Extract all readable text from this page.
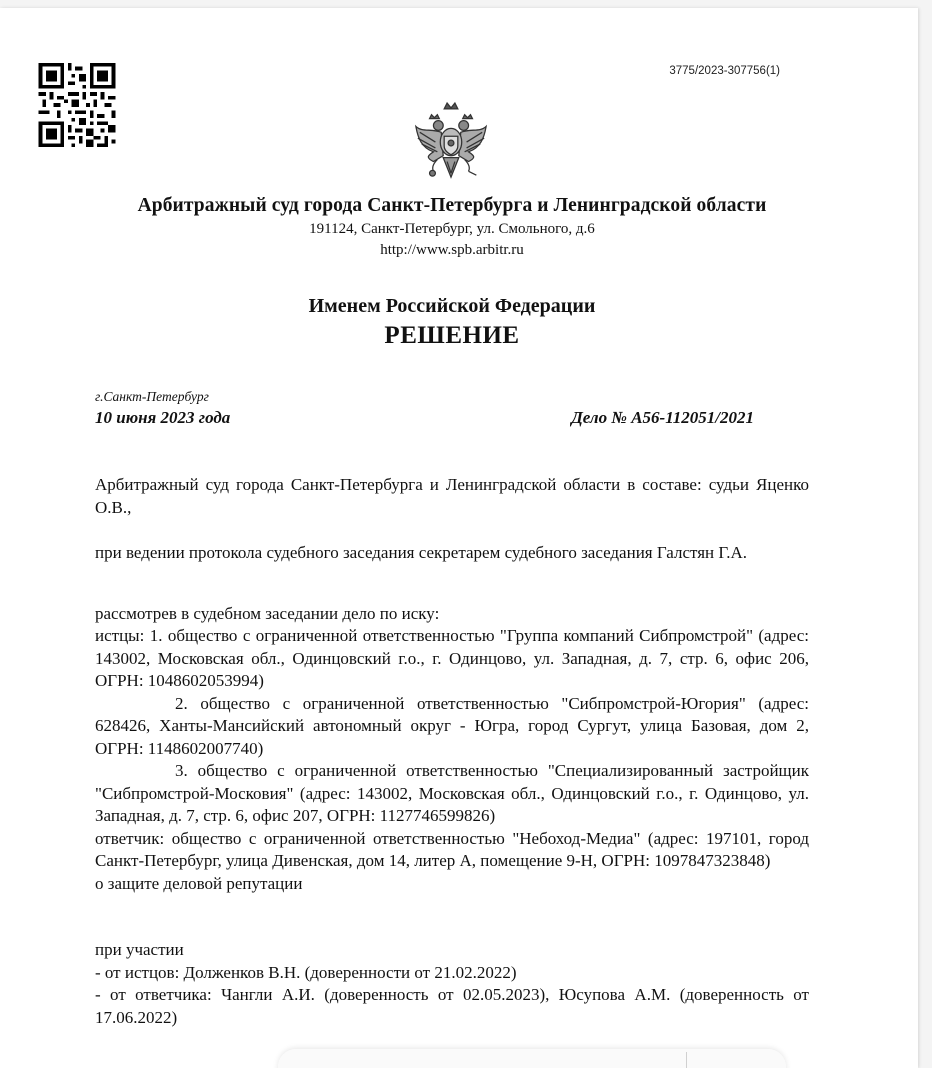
3775/2023-307756(1)
Арбитражный суд города Санкт-Петербурга и Ленинградской области
191124, Санкт-Петербург, ул. Смольного, д.6
http://www.spb.arbitr.ru
Именем Российской Федерации
РЕШЕНИЕ
г.Санкт-Петербург
10 июня 2023 года	Дело № А56-112051/2021

Арбитражный суд города Санкт-Петербурга и Ленинградской области в составе: судьи Яценко О.В.,

при ведении протокола судебного заседания секретарем судебного заседания Галстян Г.А.

рассмотрев в судебном заседании дело по иску:

истцы: 1. общество с ограниченной ответственностью "Группа компаний Сибпромстрой" (адрес: 143002, Московская обл., Одинцовский г.о., г. Одинцово, ул. Западная, д. 7, стр. 6, офис 206, ОГРН: 1048602053994)

2. общество с ограниченной ответственностью "Сибпромстрой-Югория" (адрес: 628426, Ханты-Мансийский автономный округ - Югра, город Сургут, улица Базовая, дом 2, ОГРН: 1148602007740)

3. общество с ограниченной ответственностью "Специализированный застройщик "Сибпромстрой-Московия" (адрес: 143002, Московская обл., Одинцовский г.о., г. Одинцово, ул. Западная, д. 7, стр. 6, офис 207, ОГРН: 1127746599826)

ответчик: общество с ограниченной ответственностью "Небоход-Медиа" (адрес: 197101, город Санкт-Петербург, улица Дивенская, дом 14, литер А, помещение 9-Н, ОГРН: 1097847323848)

о защите деловой репутации

при участии

- от истцов: Долженков В.Н. (доверенности от 21.02.2022)

- от ответчика: Чангли А.И. (доверенность от 02.05.2023), Юсупова А.М. (доверенность от 17.06.2022)
